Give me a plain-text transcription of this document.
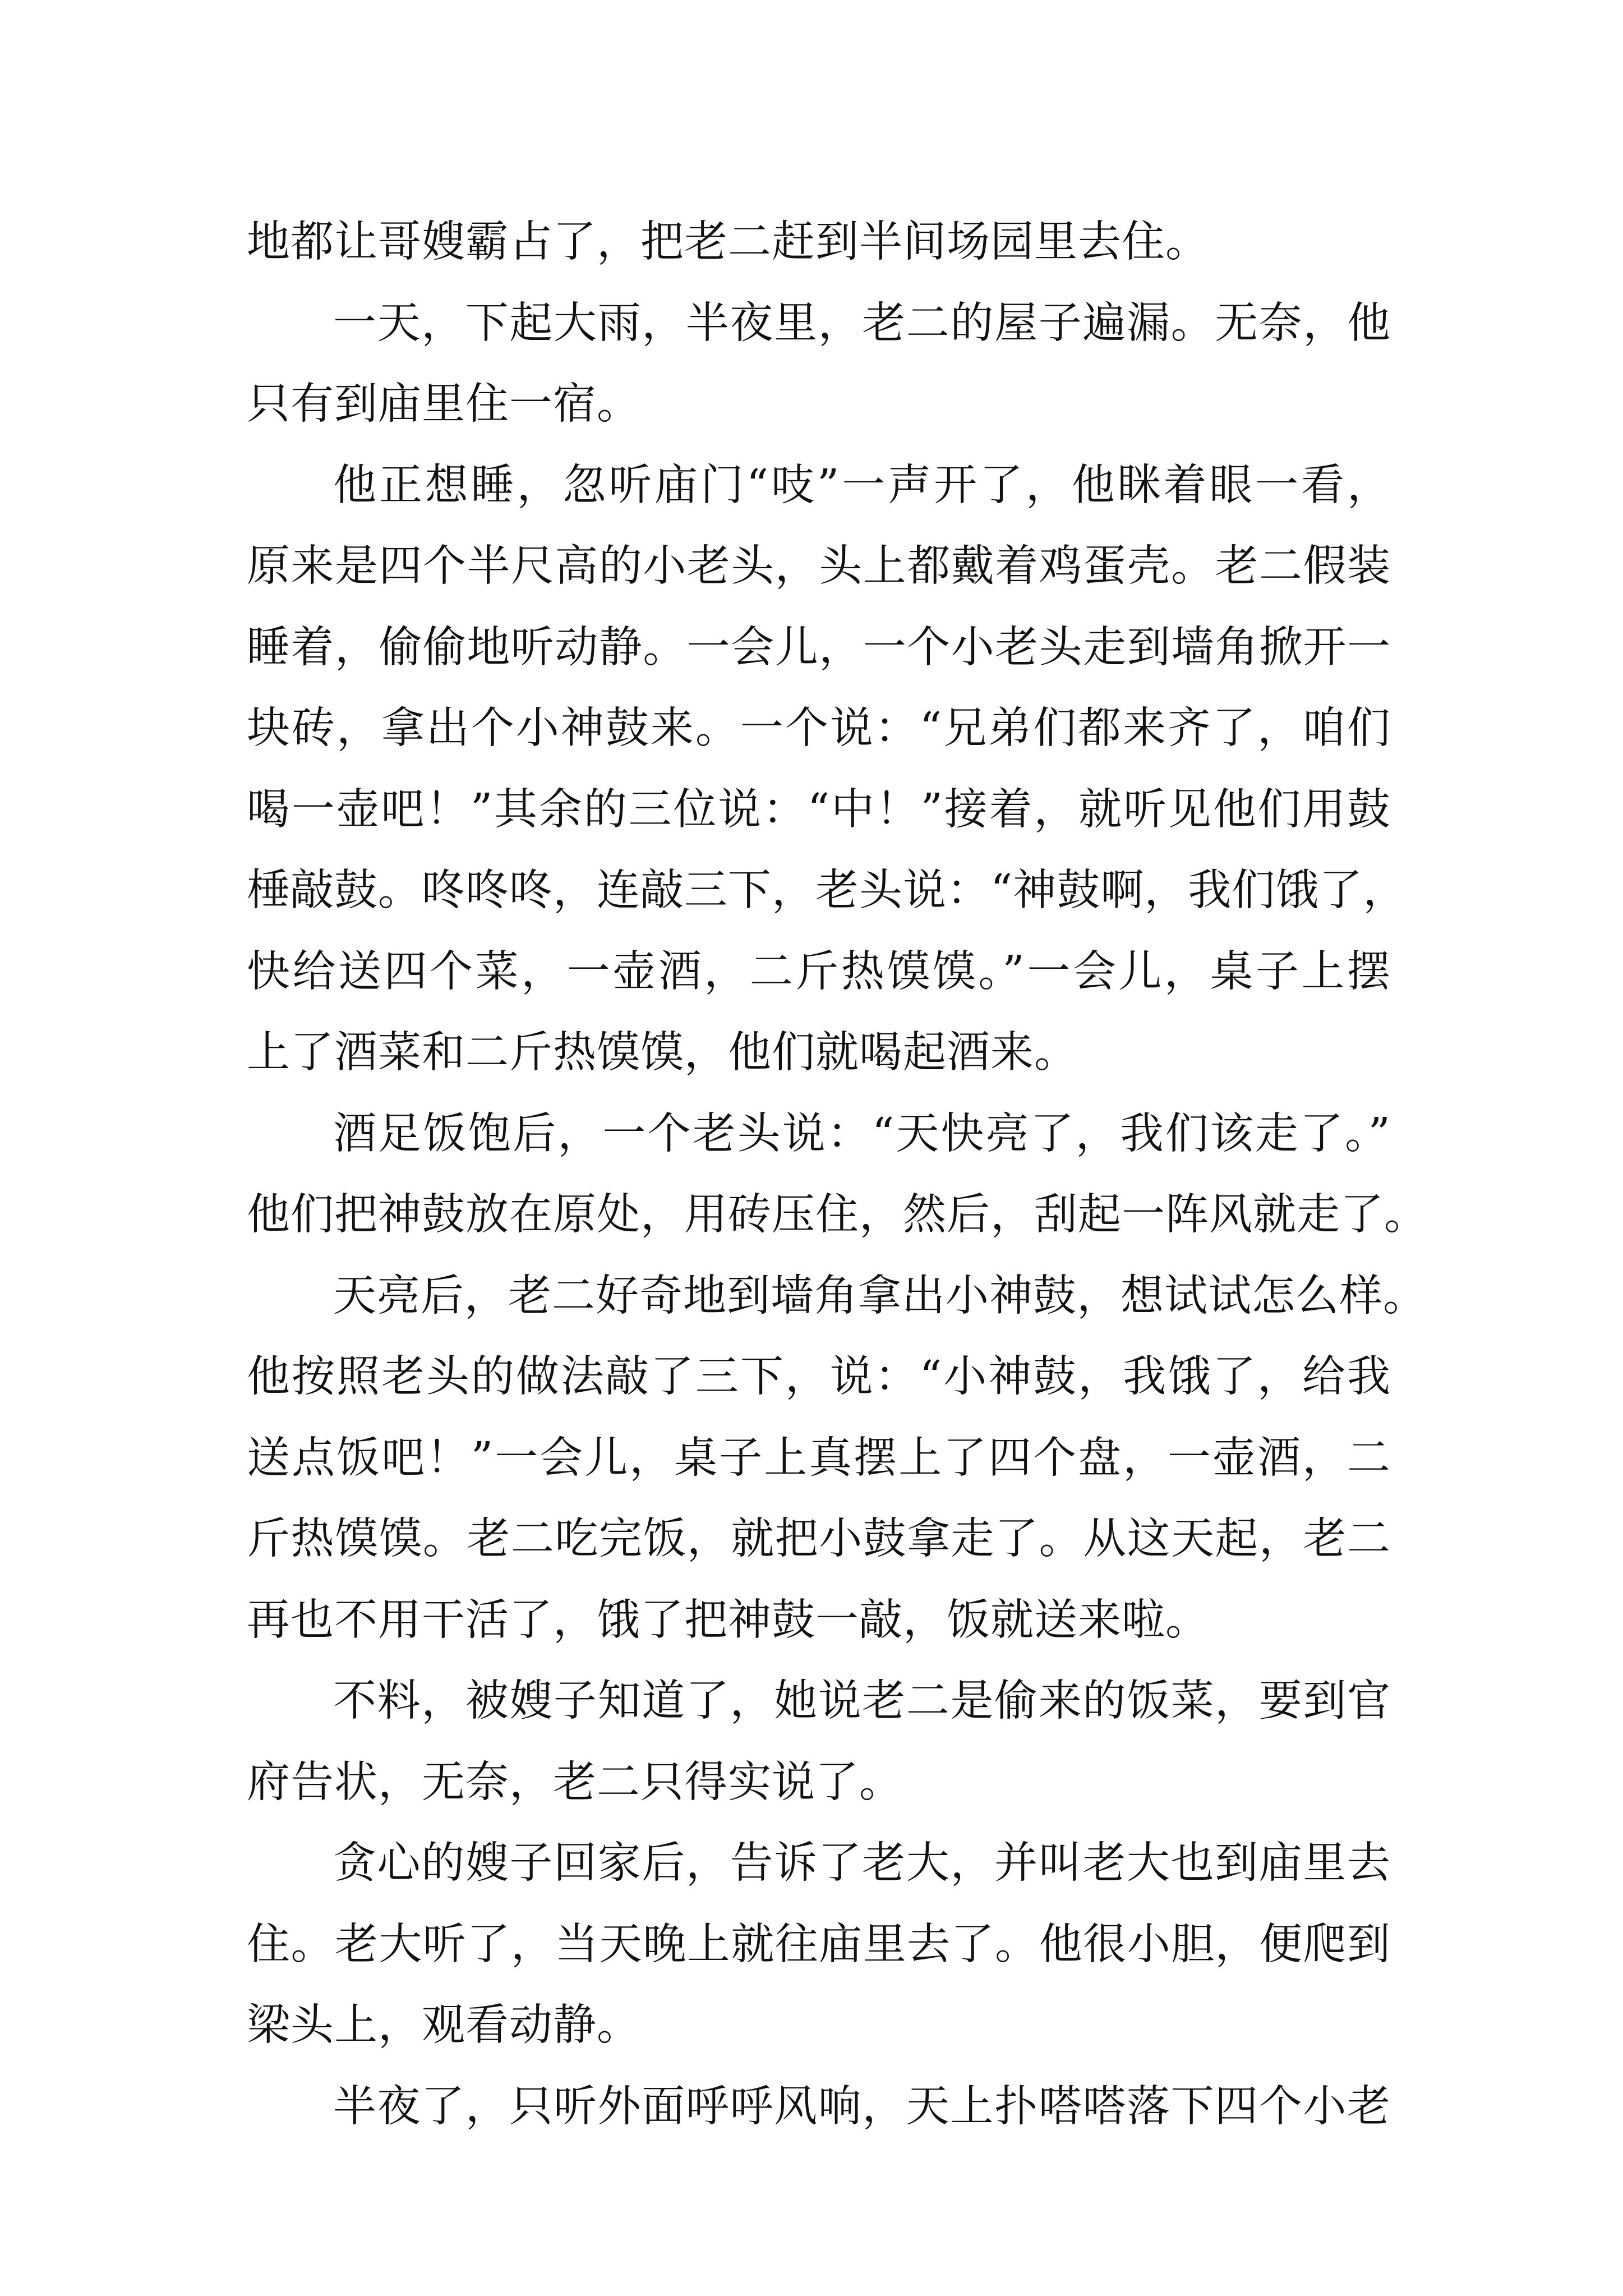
地都让哥嫂霸占了，把老二赶到半间场园里去住。
一天，下起大雨，半夜里，老二的屋子遍漏。无奈，他
只有到庙里住一宿。
他正想睡，忽听庙门“吱”一声开了，他眯着眼一看，
原来是四个半尺高的小老头，头上都戴着鸡蛋壳。老二假装
睡着，偷偷地听动静。一会儿，一个小老头走到墙角掀开一
块砖，拿出个小神鼓来。一个说：“兄弟们都来齐了，咱们
喝一壶吧！”其余的三位说：“中！”接着，就听见他们用鼓
棰敲鼓。咚咚咚，连敲三下，老头说：“神鼓啊，我们饿了，
快给送四个菜，一壶酒，二斤热馍馍。”一会儿，桌子上摆
上了酒菜和二斤热馍馍，他们就喝起酒来。
酒足饭饱后，一个老头说：“天快亮了，我们该走了。”
他们把神鼓放在原处，用砖压住，然后，刮起一阵风就走了。
天亮后，老二好奇地到墙角拿出小神鼓，想试试怎么样。
他按照老头的做法敲了三下，说：“小神鼓，我饿了，给我
送点饭吧！”一会儿，桌子上真摆上了四个盘，一壶酒，二
斤热馍馍。老二吃完饭，就把小鼓拿走了。从这天起，老二
再也不用干活了，饿了把神鼓一敲，饭就送来啦。
不料，被嫂子知道了，她说老二是偷来的饭菜，要到官
府告状，无奈，老二只得实说了。
贪心的嫂子回家后，告诉了老大，并叫老大也到庙里去
住。老大听了，当天晚上就往庙里去了。他很小胆，便爬到
梁头上，观看动静。
半夜了，只听外面呼呼风响，天上扑嗒嗒落下四个小老
